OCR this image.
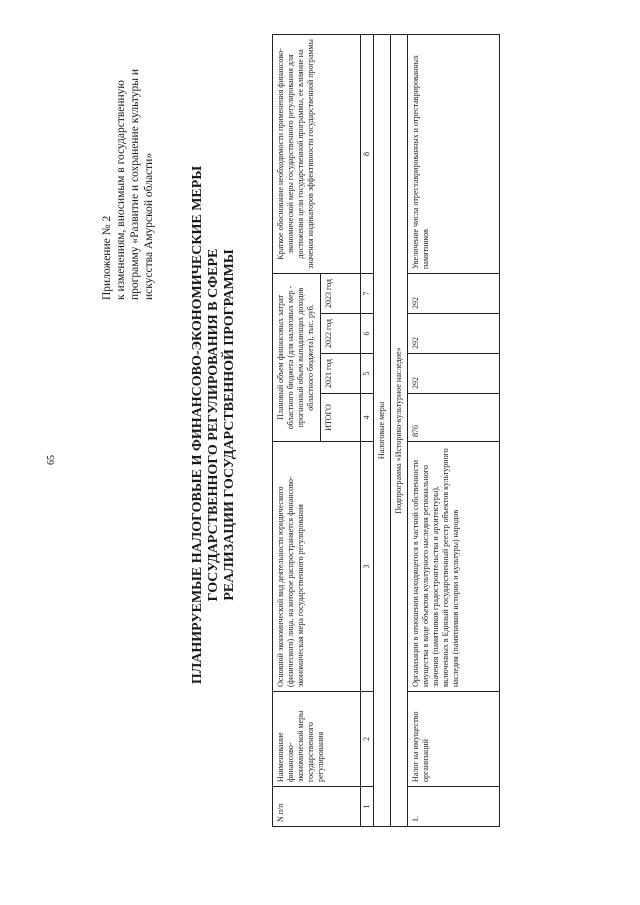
65
Приложение № 2 к изменениям, вносимым в государственную программу «Развитие и сохранение культуры и искусства Амурской области»	ПЛАНИРУЕМЫЕ НАЛОГОВЫЕ И ФИНАНСОВО-ЭКОНОМИЧЕСКИЕ МЕРЫ ГОСУДАРСТВЕННОГО РЕГУЛИРОВАНИЯ В СФЕРЕ РЕАЛИЗАЦИИ ГОСУДАРСТВЕННОЙ ПРОГРАММЫ
N п/п	Наименование финансово-экономической меры государственного регулирования	Основной экономический вид деятельности юридического (физического) лица, на которое распространяется финансово-экономическая мера государственного регулирования	Плановый объем финансовых затрат областного бюджета (для налоговых мер - прогнозный объем выпадающих доходов областного бюджета), тыс. руб.				Краткое обоснование необходимости применения финансово-экономической меры государственного регулирования для достижения цели государственной программы, ее влияние на значения индикаторов эффективности государственной программы
			ИТОГО	2021 год	2022 год	2023 год	
1	2	3	4	5	6	7	8
Налоговые меры							
Подпрограмма «Историко-культурное наследие»							
1.	Налог на имущество организаций	Организации в отношении находящегося в частной собственности имущества в виде объектов культурного наследия регионального значения (памятников градостроительства и архитектуры), включенных в Единый государственный реестр объектов культурного наследия (памятников истории и культуры) народов	876	292	292	292	Увеличение числа отреставрированных и отреставрированных памятников
